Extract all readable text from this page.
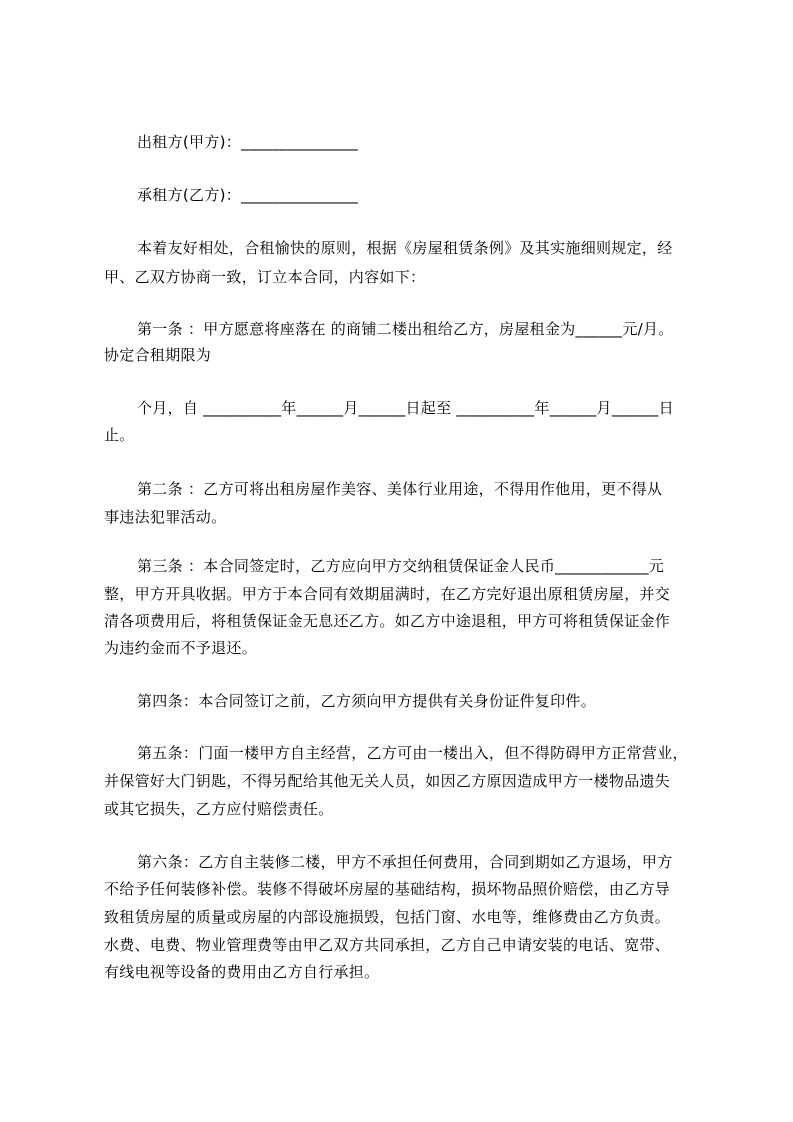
出租方(甲方)：_______________
承租方(乙方)：_______________
本着友好相处，合租愉快的原则，根据《房屋租赁条例》及其实施细则规定，经
甲、乙双方协商一致，订立本合同，内容如下：
第一条 ：甲方愿意将座落在 的商铺二楼出租给乙方，房屋租金为______元/月。
协定合租期限为
个月，自 __________年______月______日起至 __________年______月______日
止。
第二条 ：乙方可将出租房屋作美容、美体行业用途，不得用作他用，更不得从
事违法犯罪活动。
第三条 ：本合同签定时，乙方应向甲方交纳租赁保证金人民币____________元
整，甲方开具收据。甲方于本合同有效期届满时，在乙方完好退出原租赁房屋，并交
清各项费用后，将租赁保证金无息还乙方。如乙方中途退租，甲方可将租赁保证金作
为违约金而不予退还。
第四条：本合同签订之前，乙方须向甲方提供有关身份证件复印件。
第五条：门面一楼甲方自主经营，乙方可由一楼出入，但不得防碍甲方正常营业，
并保管好大门钥匙，不得另配给其他无关人员，如因乙方原因造成甲方一楼物品遗失
或其它损失，乙方应付赔偿责任。
第六条：乙方自主装修二楼，甲方不承担任何费用，合同到期如乙方退场，甲方
不给予任何装修补偿。装修不得破坏房屋的基础结构，损坏物品照价赔偿，由乙方导
致租赁房屋的质量或房屋的内部设施损毁，包括门窗、水电等，维修费由乙方负责。
水费、电费、物业管理费等由甲乙双方共同承担，乙方自己申请安装的电话、宽带、
有线电视等设备的费用由乙方自行承担。
